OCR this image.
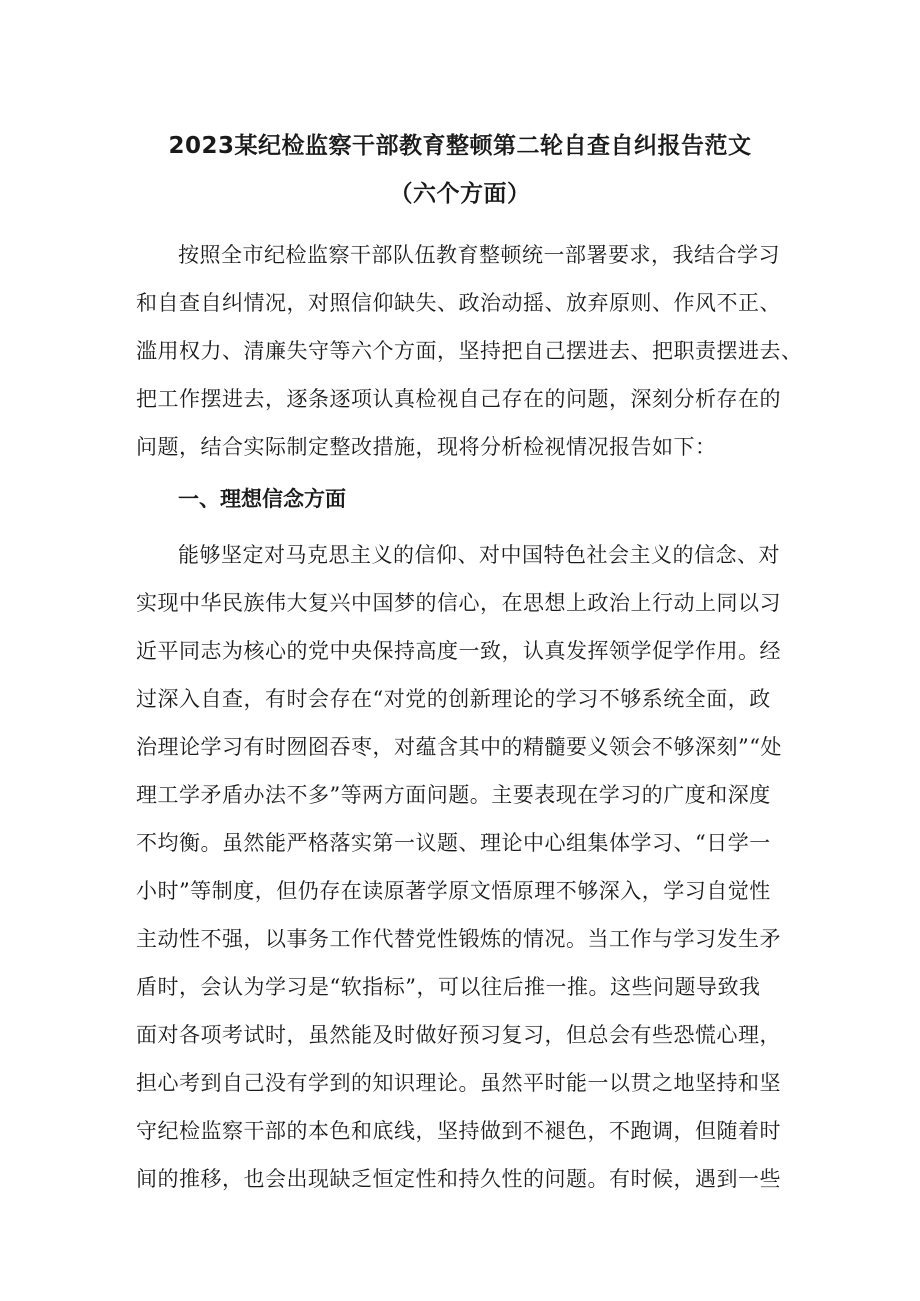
2023某纪检监察干部教育整顿第二轮自查自纠报告范文
（六个方面）
按照全市纪检监察干部队伍教育整顿统一部署要求，我结合学习
和自查自纠情况，对照信仰缺失、政治动摇、放弃原则、作风不正、
滥用权力、清廉失守等六个方面，坚持把自己摆进去、把职责摆进去、
把工作摆进去，逐条逐项认真检视自己存在的问题，深刻分析存在的
问题，结合实际制定整改措施，现将分析检视情况报告如下：
一、理想信念方面
能够坚定对马克思主义的信仰、对中国特色社会主义的信念、对
实现中华民族伟大复兴中国梦的信心，在思想上政治上行动上同以习
近平同志为核心的党中央保持高度一致，认真发挥领学促学作用。经
过深入自查，有时会存在“对党的创新理论的学习不够系统全面，政
治理论学习有时囫囵吞枣，对蕴含其中的精髓要义领会不够深刻”“处
理工学矛盾办法不多”等两方面问题。主要表现在学习的广度和深度
不均衡。虽然能严格落实第一议题、理论中心组集体学习、“日学一
小时”等制度，但仍存在读原著学原文悟原理不够深入，学习自觉性
主动性不强，以事务工作代替党性锻炼的情况。当工作与学习发生矛
盾时，会认为学习是“软指标”，可以往后推一推。这些问题导致我
面对各项考试时，虽然能及时做好预习复习，但总会有些恐慌心理，
担心考到自己没有学到的知识理论。虽然平时能一以贯之地坚持和坚
守纪检监察干部的本色和底线，坚持做到不褪色，不跑调，但随着时
间的推移，也会出现缺乏恒定性和持久性的问题。有时候，遇到一些
